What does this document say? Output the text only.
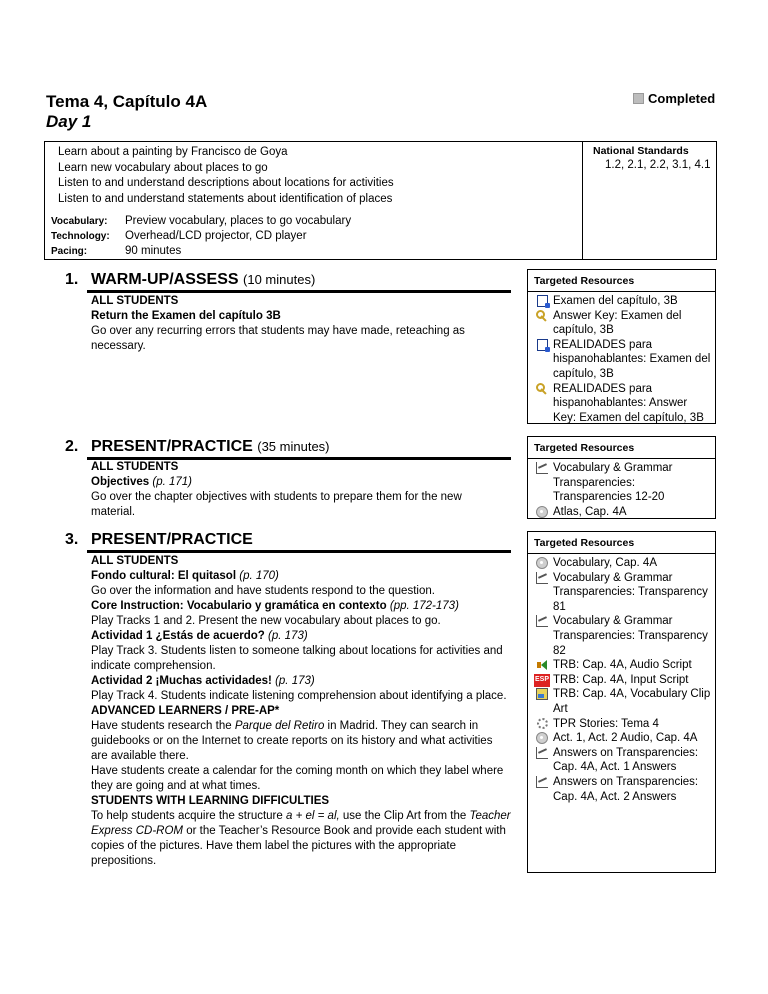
Tema 4, Capítulo 4A
Day 1
Completed
Learn about a painting by Francisco de Goya
Learn new vocabulary about places to go
Listen to and understand descriptions about locations for activities
Listen to and understand statements about identification of places
Vocabulary:	Preview vocabulary, places to go vocabulary
Technology:	Overhead/LCD projector, CD player
Pacing:	90 minutes
National Standards
1.2, 2.1, 2.2, 3.1, 4.1
1. WARM-UP/ASSESS (10 minutes)
ALL STUDENTS
Return the Examen del capítulo 3B
Go over any recurring errors that students may have made, reteaching as necessary.
Targeted Resources
Examen del capítulo, 3B
Answer Key: Examen del capítulo, 3B
REALIDADES para hispanohablantes: Examen del capítulo, 3B
REALIDADES para hispanohablantes: Answer Key: Examen del capítulo, 3B
2. PRESENT/PRACTICE (35 minutes)
ALL STUDENTS
Objectives (p. 171)
Go over the chapter objectives with students to prepare them for the new material.
Targeted Resources
Vocabulary & Grammar Transparencies: Transparencies 12-20
Atlas, Cap. 4A
3. PRESENT/PRACTICE
ALL STUDENTS
Fondo cultural: El quitasol (p. 170)
Go over the information and have students respond to the question.
Core Instruction: Vocabulario y gramática en contexto (pp. 172-173)
Play Tracks 1 and 2. Present the new vocabulary about places to go.
Actividad 1 ¿Estás de acuerdo? (p. 173)
Play Track 3. Students listen to someone talking about locations for activities and indicate comprehension.
Actividad 2 ¡Muchas actividades! (p. 173)
Play Track 4. Students indicate listening comprehension about identifying a place.
ADVANCED LEARNERS / PRE-AP*
Have students research the Parque del Retiro in Madrid. They can search in guidebooks or on the Internet to create reports on its history and what activities are available there.
Have students create a calendar for the coming month on which they label where they are going and at what times.
STUDENTS WITH LEARNING DIFFICULTIES
To help students acquire the structure a + el = al, use the Clip Art from the Teacher Express CD-ROM or the Teacher’s Resource Book and provide each student with copies of the pictures. Have them label the pictures with the appropriate prepositions.
Targeted Resources
Vocabulary, Cap. 4A
Vocabulary & Grammar Transparencies: Transparency 81
Vocabulary & Grammar Transparencies: Transparency 82
TRB: Cap. 4A, Audio Script
ESP TRB: Cap. 4A, Input Script
TRB: Cap. 4A, Vocabulary Clip Art
TPR Stories: Tema 4
Act. 1, Act. 2 Audio, Cap. 4A
Answers on Transparencies: Cap. 4A, Act. 1 Answers
Answers on Transparencies: Cap. 4A, Act. 2 Answers
